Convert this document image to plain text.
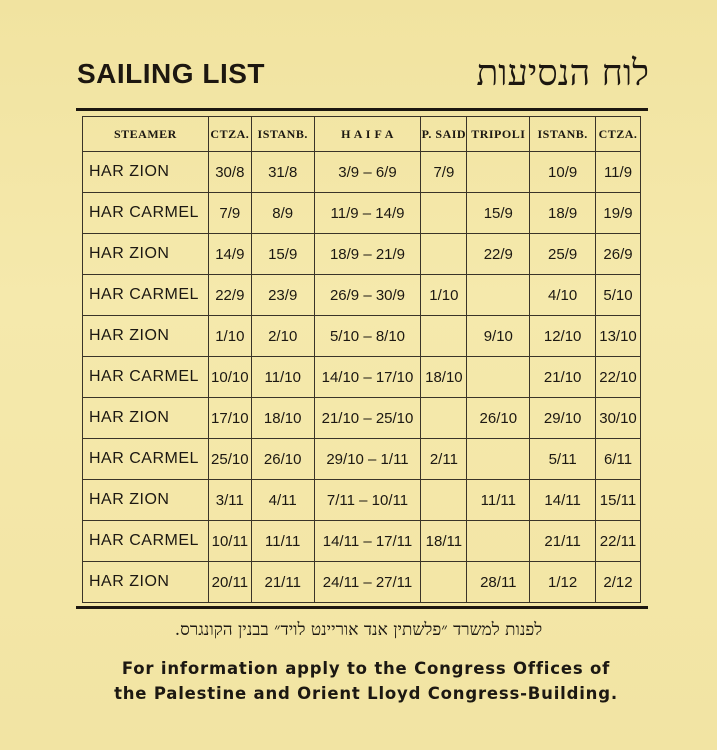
SAILING LIST	לוח הנסיעות
STEAMER	CTZA.	ISTANB.	H A I F A	P. SAID	TRIPOLI	ISTANB.	CTZA.
HAR ZION	30/8	31/8	3/9 – 6/9	7/9		10/9	11/9
HAR CARMEL	7/9	8/9	11/9 – 14/9		15/9	18/9	19/9
HAR ZION	14/9	15/9	18/9 – 21/9		22/9	25/9	26/9
HAR CARMEL	22/9	23/9	26/9 – 30/9	1/10		4/10	5/10
HAR ZION	1/10	2/10	5/10 – 8/10		9/10	12/10	13/10
HAR CARMEL	10/10	11/10	14/10 – 17/10	18/10		21/10	22/10
HAR ZION	17/10	18/10	21/10 – 25/10		26/10	29/10	30/10
HAR CARMEL	25/10	26/10	29/10 – 1/11	2/11		5/11	6/11
HAR ZION	3/11	4/11	7/11 – 10/11		11/11	14/11	15/11
HAR CARMEL	10/11	11/11	14/11 – 17/11	18/11		21/11	22/11
HAR ZION	20/11	21/11	24/11 – 27/11		28/11	1/12	2/12
לפנות למשרד ״פלשתין אנד אוריינט לויד״ בבנין הקונגרס.
For information apply to the Congress Offices of
the Palestine and Orient Lloyd Congress-Building.
